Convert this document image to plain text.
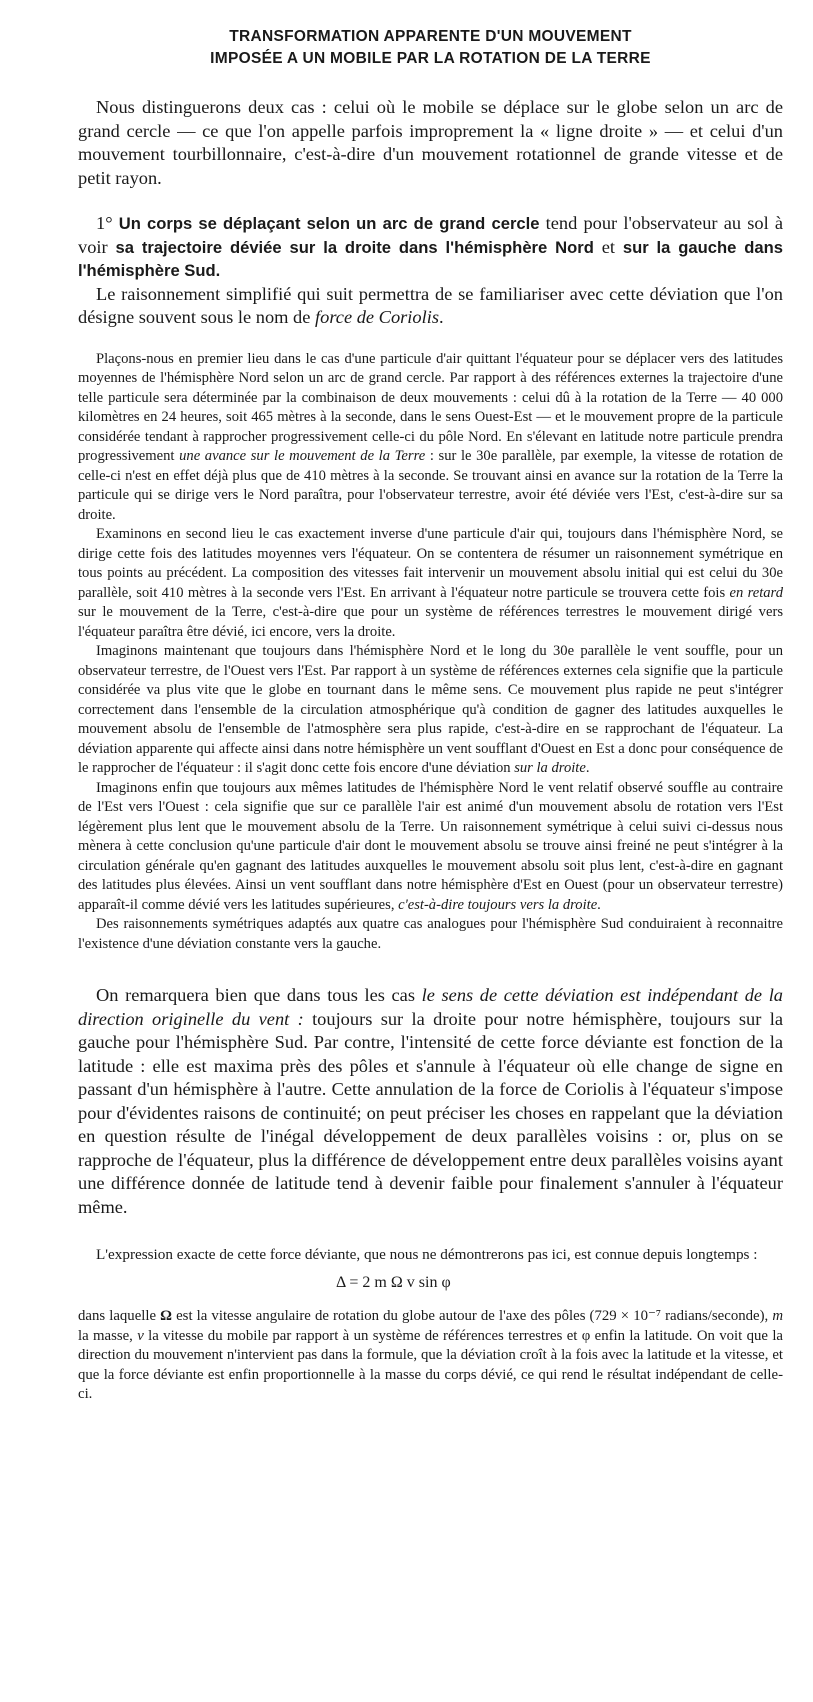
TRANSFORMATION APPARENTE D'UN MOUVEMENT
IMPOSÉE A UN MOBILE PAR LA ROTATION DE LA TERRE

Nous distinguerons deux cas : celui où le mobile se déplace sur le globe selon un arc de grand cercle — ce que l'on appelle parfois improprement la « ligne droite » — et celui d'un mouvement tourbillonnaire, c'est-à-dire d'un mouvement rotationnel de grande vitesse et de petit rayon.

1° Un corps se déplaçant selon un arc de grand cercle tend pour l'observateur au sol à voir sa trajectoire déviée sur la droite dans l'hémisphère Nord et sur la gauche dans l'hémisphère Sud.

Le raisonnement simplifié qui suit permettra de se familiariser avec cette déviation que l'on désigne souvent sous le nom de force de Coriolis.

Plaçons-nous en premier lieu dans le cas d'une particule d'air quittant l'équateur pour se déplacer vers des latitudes moyennes de l'hémisphère Nord selon un arc de grand cercle. Par rapport à des références externes la trajectoire d'une telle particule sera déterminée par la combinaison de deux mouvements : celui dû à la rotation de la Terre — 40 000 kilomètres en 24 heures, soit 465 mètres à la seconde, dans le sens Ouest-Est — et le mouvement propre de la particule considérée tendant à rapprocher progressivement celle-ci du pôle Nord. En s'élevant en latitude notre particule prendra progressivement une avance sur le mouvement de la Terre : sur le 30e parallèle, par exemple, la vitesse de rotation de celle-ci n'est en effet déjà plus que de 410 mètres à la seconde. Se trouvant ainsi en avance sur la rotation de la Terre la particule qui se dirige vers le Nord paraîtra, pour l'observateur terrestre, avoir été déviée vers l'Est, c'est-à-dire sur sa droite.

Examinons en second lieu le cas exactement inverse d'une particule d'air qui, toujours dans l'hémisphère Nord, se dirige cette fois des latitudes moyennes vers l'équateur. On se contentera de résumer un raisonnement symétrique en tous points au précédent. La composition des vitesses fait intervenir un mouvement absolu initial qui est celui du 30e parallèle, soit 410 mètres à la seconde vers l'Est. En arrivant à l'équateur notre particule se trouvera cette fois en retard sur le mouvement de la Terre, c'est-à-dire que pour un système de références terrestres le mouvement dirigé vers l'équateur paraîtra être dévié, ici encore, vers la droite.

Imaginons maintenant que toujours dans l'hémisphère Nord et le long du 30e parallèle le vent souffle, pour un observateur terrestre, de l'Ouest vers l'Est. Par rapport à un système de références externes cela signifie que la particule considérée va plus vite que le globe en tournant dans le même sens. Ce mouvement plus rapide ne peut s'intégrer correctement dans l'ensemble de la circulation atmosphérique qu'à condition de gagner des latitudes auxquelles le mouvement absolu de l'ensemble de l'atmosphère sera plus rapide, c'est-à-dire en se rapprochant de l'équateur. La déviation apparente qui affecte ainsi dans notre hémisphère un vent soufflant d'Ouest en Est a donc pour conséquence de le rapprocher de l'équateur : il s'agit donc cette fois encore d'une déviation sur la droite.

Imaginons enfin que toujours aux mêmes latitudes de l'hémisphère Nord le vent relatif observé souffle au contraire de l'Est vers l'Ouest : cela signifie que sur ce parallèle l'air est animé d'un mouvement absolu de rotation vers l'Est légèrement plus lent que le mouvement absolu de la Terre. Un raisonnement symétrique à celui suivi ci-dessus nous mènera à cette conclusion qu'une particule d'air dont le mouvement absolu se trouve ainsi freiné ne peut s'intégrer à la circulation générale qu'en gagnant des latitudes auxquelles le mouvement absolu soit plus lent, c'est-à-dire en gagnant des latitudes plus élevées. Ainsi un vent soufflant dans notre hémisphère d'Est en Ouest (pour un observateur terrestre) apparaît-il comme dévié vers les latitudes supérieures, c'est-à-dire toujours vers la droite.

Des raisonnements symétriques adaptés aux quatre cas analogues pour l'hémisphère Sud conduiraient à reconnaitre l'existence d'une déviation constante vers la gauche.

On remarquera bien que dans tous les cas le sens de cette déviation est indépendant de la direction originelle du vent : toujours sur la droite pour notre hémisphère, toujours sur la gauche pour l'hémisphère Sud. Par contre, l'intensité de cette force déviante est fonction de la latitude : elle est maxima près des pôles et s'annule à l'équateur où elle change de signe en passant d'un hémisphère à l'autre. Cette annulation de la force de Coriolis à l'équateur s'impose pour d'évidentes raisons de continuité; on peut préciser les choses en rappelant que la déviation en question résulte de l'inégal développement de deux parallèles voisins : or, plus on se rapproche de l'équateur, plus la différence de développement entre deux parallèles voisins ayant une différence donnée de latitude tend à devenir faible pour finalement s'annuler à l'équateur même.

L'expression exacte de cette force déviante, que nous ne démontrerons pas ici, est connue depuis longtemps :

Δ = 2 m Ω v sin φ

dans laquelle Ω est la vitesse angulaire de rotation du globe autour de l'axe des pôles (729 × 10⁻⁷ radians/seconde), m la masse, v la vitesse du mobile par rapport à un système de références terrestres et φ enfin la latitude. On voit que la direction du mouvement n'intervient pas dans la formule, que la déviation croît à la fois avec la latitude et la vitesse, et que la force déviante est enfin proportionnelle à la masse du corps dévié, ce qui rend le résultat indépendant de celle-ci.
